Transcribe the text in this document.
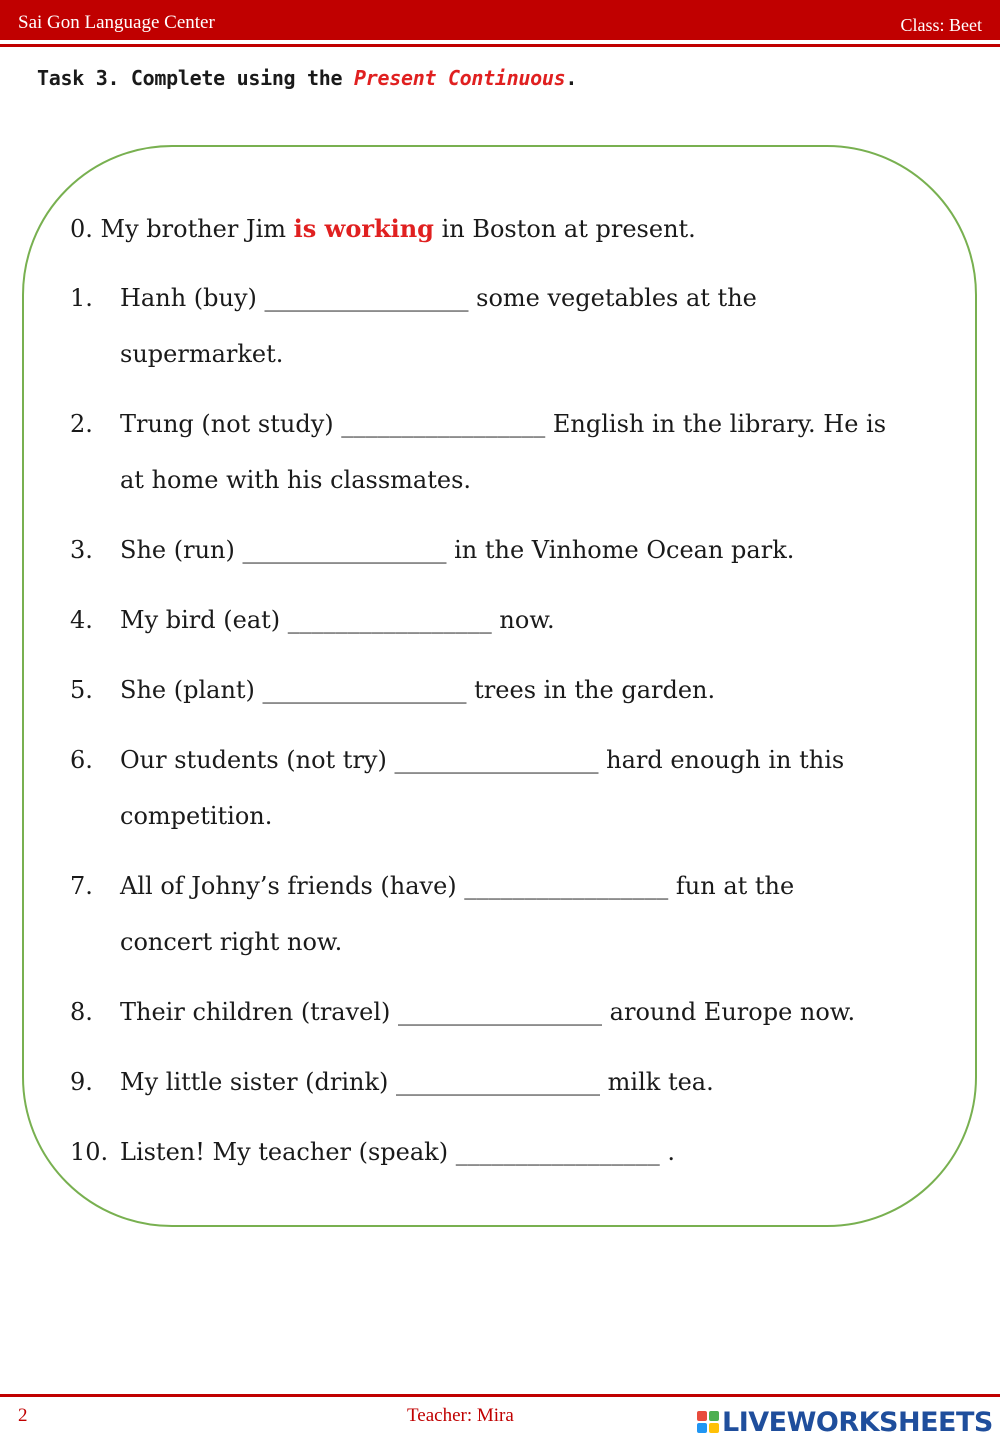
Sai Gon Language Center	Class: Beet
Task 3. Complete using the Present Continuous.
0. My brother Jim is working in Boston at present.
1. Hanh (buy) _________________ some vegetables at the
supermarket.
2. Trung (not study) _________________ English in the library. He is
at home with his classmates.
3. She (run) _________________ in the Vinhome Ocean park.
4. My bird (eat) _________________ now.
5. She (plant) _________________ trees in the garden.
6. Our students (not try) _________________ hard enough in this
competition.
7. All of Johny’s friends (have) _________________ fun at the
concert right now.
8. Their children (travel) _________________ around Europe now.
9. My little sister (drink) _________________ milk tea.
10. Listen! My teacher (speak) _________________ .
2	Teacher: Mira	LIVEWORKSHEETS
